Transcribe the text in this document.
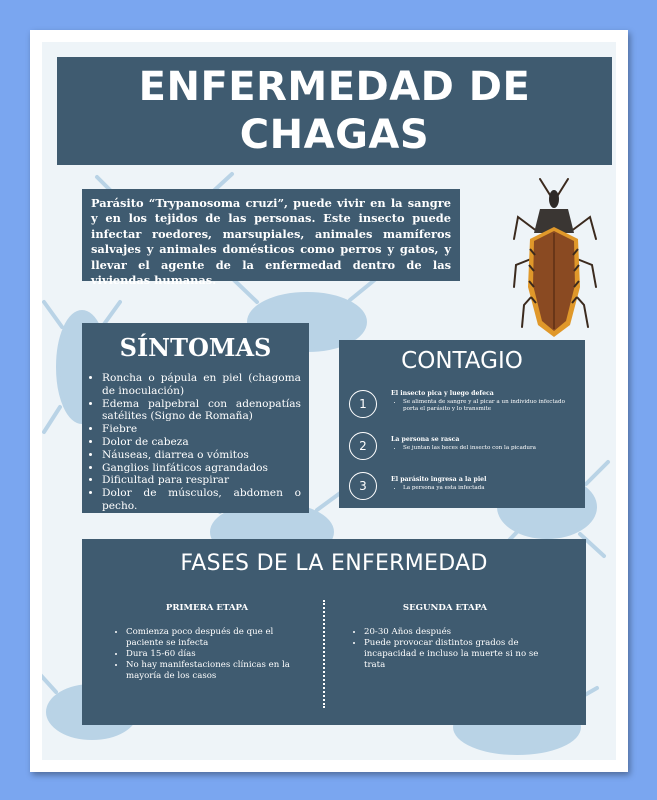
ENFERMEDAD DE
CHAGAS

Parásito “Trypanosoma cruzi”, puede vivir en la sangre y en los tejidos de las personas. Este insecto puede infectar roedores, marsupiales, animales mamíferos salvajes y animales domésticos como perros y gatos, y llevar el agente de la enfermedad dentro de las viviendas humanas.

SÍNTOMAS
• Roncha o pápula en piel (chagoma de inoculación)
• Edema palpebral con adenopatías satélites (Signo de Romaña)
• Fiebre
• Dolor de cabeza
• Náuseas, diarrea o vómitos
• Ganglios linfáticos agrandados
• Dificultad para respirar
• Dolor de músculos, abdomen o pecho.
CONTAGIO
1

El insecto pica y luego defeca

• Se alimenta de sangre y al picar a un individuo infectado porta el parásito y lo transmite
2	La persona se rasca

• Se juntan las heces del insecto con la picadura
3	El parásito ingresa a la piel

• La persona ya esta infectada
FASES DE LA ENFERMEDAD

PRIMERA ETAPA

• Comienza poco después de que el paciente se infecta
• Dura 15-60 días
• No hay manifestaciones clínicas en la mayoría de los casos

SEGUNDA ETAPA

• 20-30 Años después
• Puede provocar distintos grados de incapacidad e incluso la muerte si no se trata
